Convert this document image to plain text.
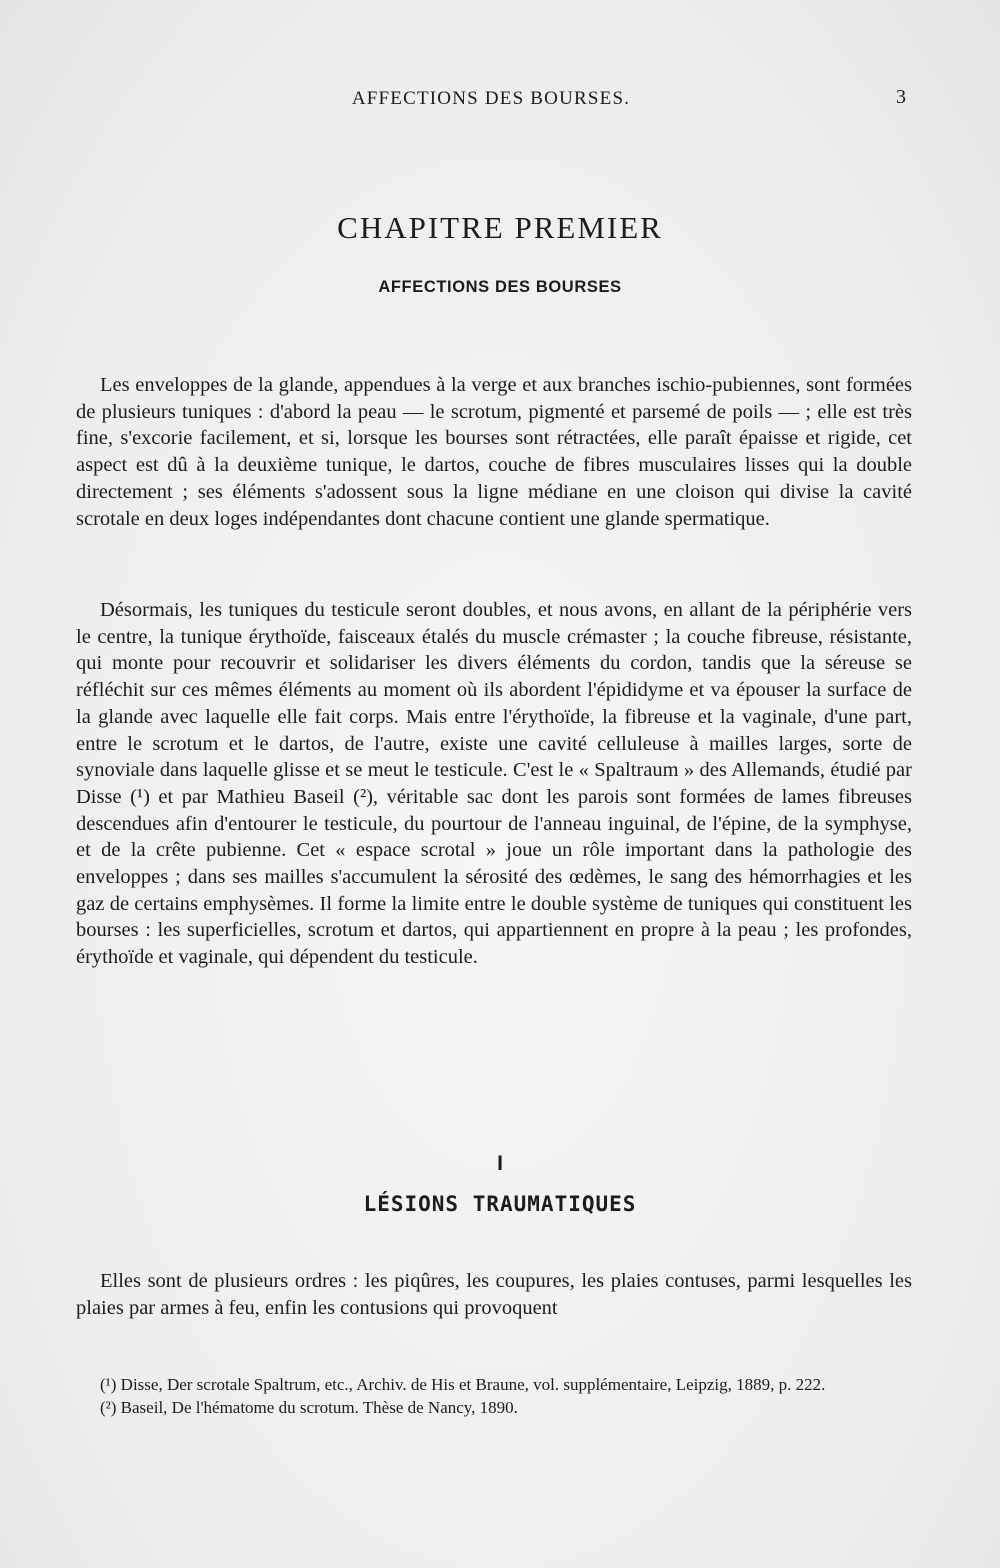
AFFECTIONS DES BOURSES.	3
CHAPITRE PREMIER
AFFECTIONS DES BOURSES

Les enveloppes de la glande, appendues à la verge et aux branches ischio-pubiennes, sont formées de plusieurs tuniques : d'abord la peau — le scrotum, pigmenté et parsemé de poils — ; elle est très fine, s'excorie facilement, et si, lorsque les bourses sont rétractées, elle paraît épaisse et rigide, cet aspect est dû à la deuxième tunique, le dartos, couche de fibres musculaires lisses qui la double directement ; ses éléments s'adossent sous la ligne médiane en une cloison qui divise la cavité scrotale en deux loges indépendantes dont chacune contient une glande spermatique.

Désormais, les tuniques du testicule seront doubles, et nous avons, en allant de la périphérie vers le centre, la tunique érythoïde, faisceaux étalés du muscle crémaster ; la couche fibreuse, résistante, qui monte pour recouvrir et solidariser les divers éléments du cordon, tandis que la séreuse se réfléchit sur ces mêmes éléments au moment où ils abordent l'épididyme et va épouser la surface de la glande avec laquelle elle fait corps. Mais entre l'érythoïde, la fibreuse et la vaginale, d'une part, entre le scrotum et le dartos, de l'autre, existe une cavité celluleuse à mailles larges, sorte de synoviale dans laquelle glisse et se meut le testicule. C'est le « Spaltraum » des Allemands, étudié par Disse (¹) et par Mathieu Baseil (²), véritable sac dont les parois sont formées de lames fibreuses descendues afin d'entourer le testicule, du pourtour de l'anneau inguinal, de l'épine, de la symphyse, et de la crête pubienne. Cet « espace scrotal » joue un rôle important dans la pathologie des enveloppes ; dans ses mailles s'accumulent la sérosité des œdèmes, le sang des hémorrhagies et les gaz de certains emphysèmes. Il forme la limite entre le double système de tuniques qui constituent les bourses : les superficielles, scrotum et dartos, qui appartiennent en propre à la peau ; les profondes, érythoïde et vaginale, qui dépendent du testicule.

I
LÉSIONS TRAUMATIQUES

Elles sont de plusieurs ordres : les piqûres, les coupures, les plaies contuses, parmi lesquelles les plaies par armes à feu, enfin les contusions qui provoquent

(¹) Disse, Der scrotale Spaltrum, etc., Archiv. de His et Braune, vol. supplémentaire, Leipzig, 1889, p. 222.

(²) Baseil, De l'hématome du scrotum. Thèse de Nancy, 1890.
